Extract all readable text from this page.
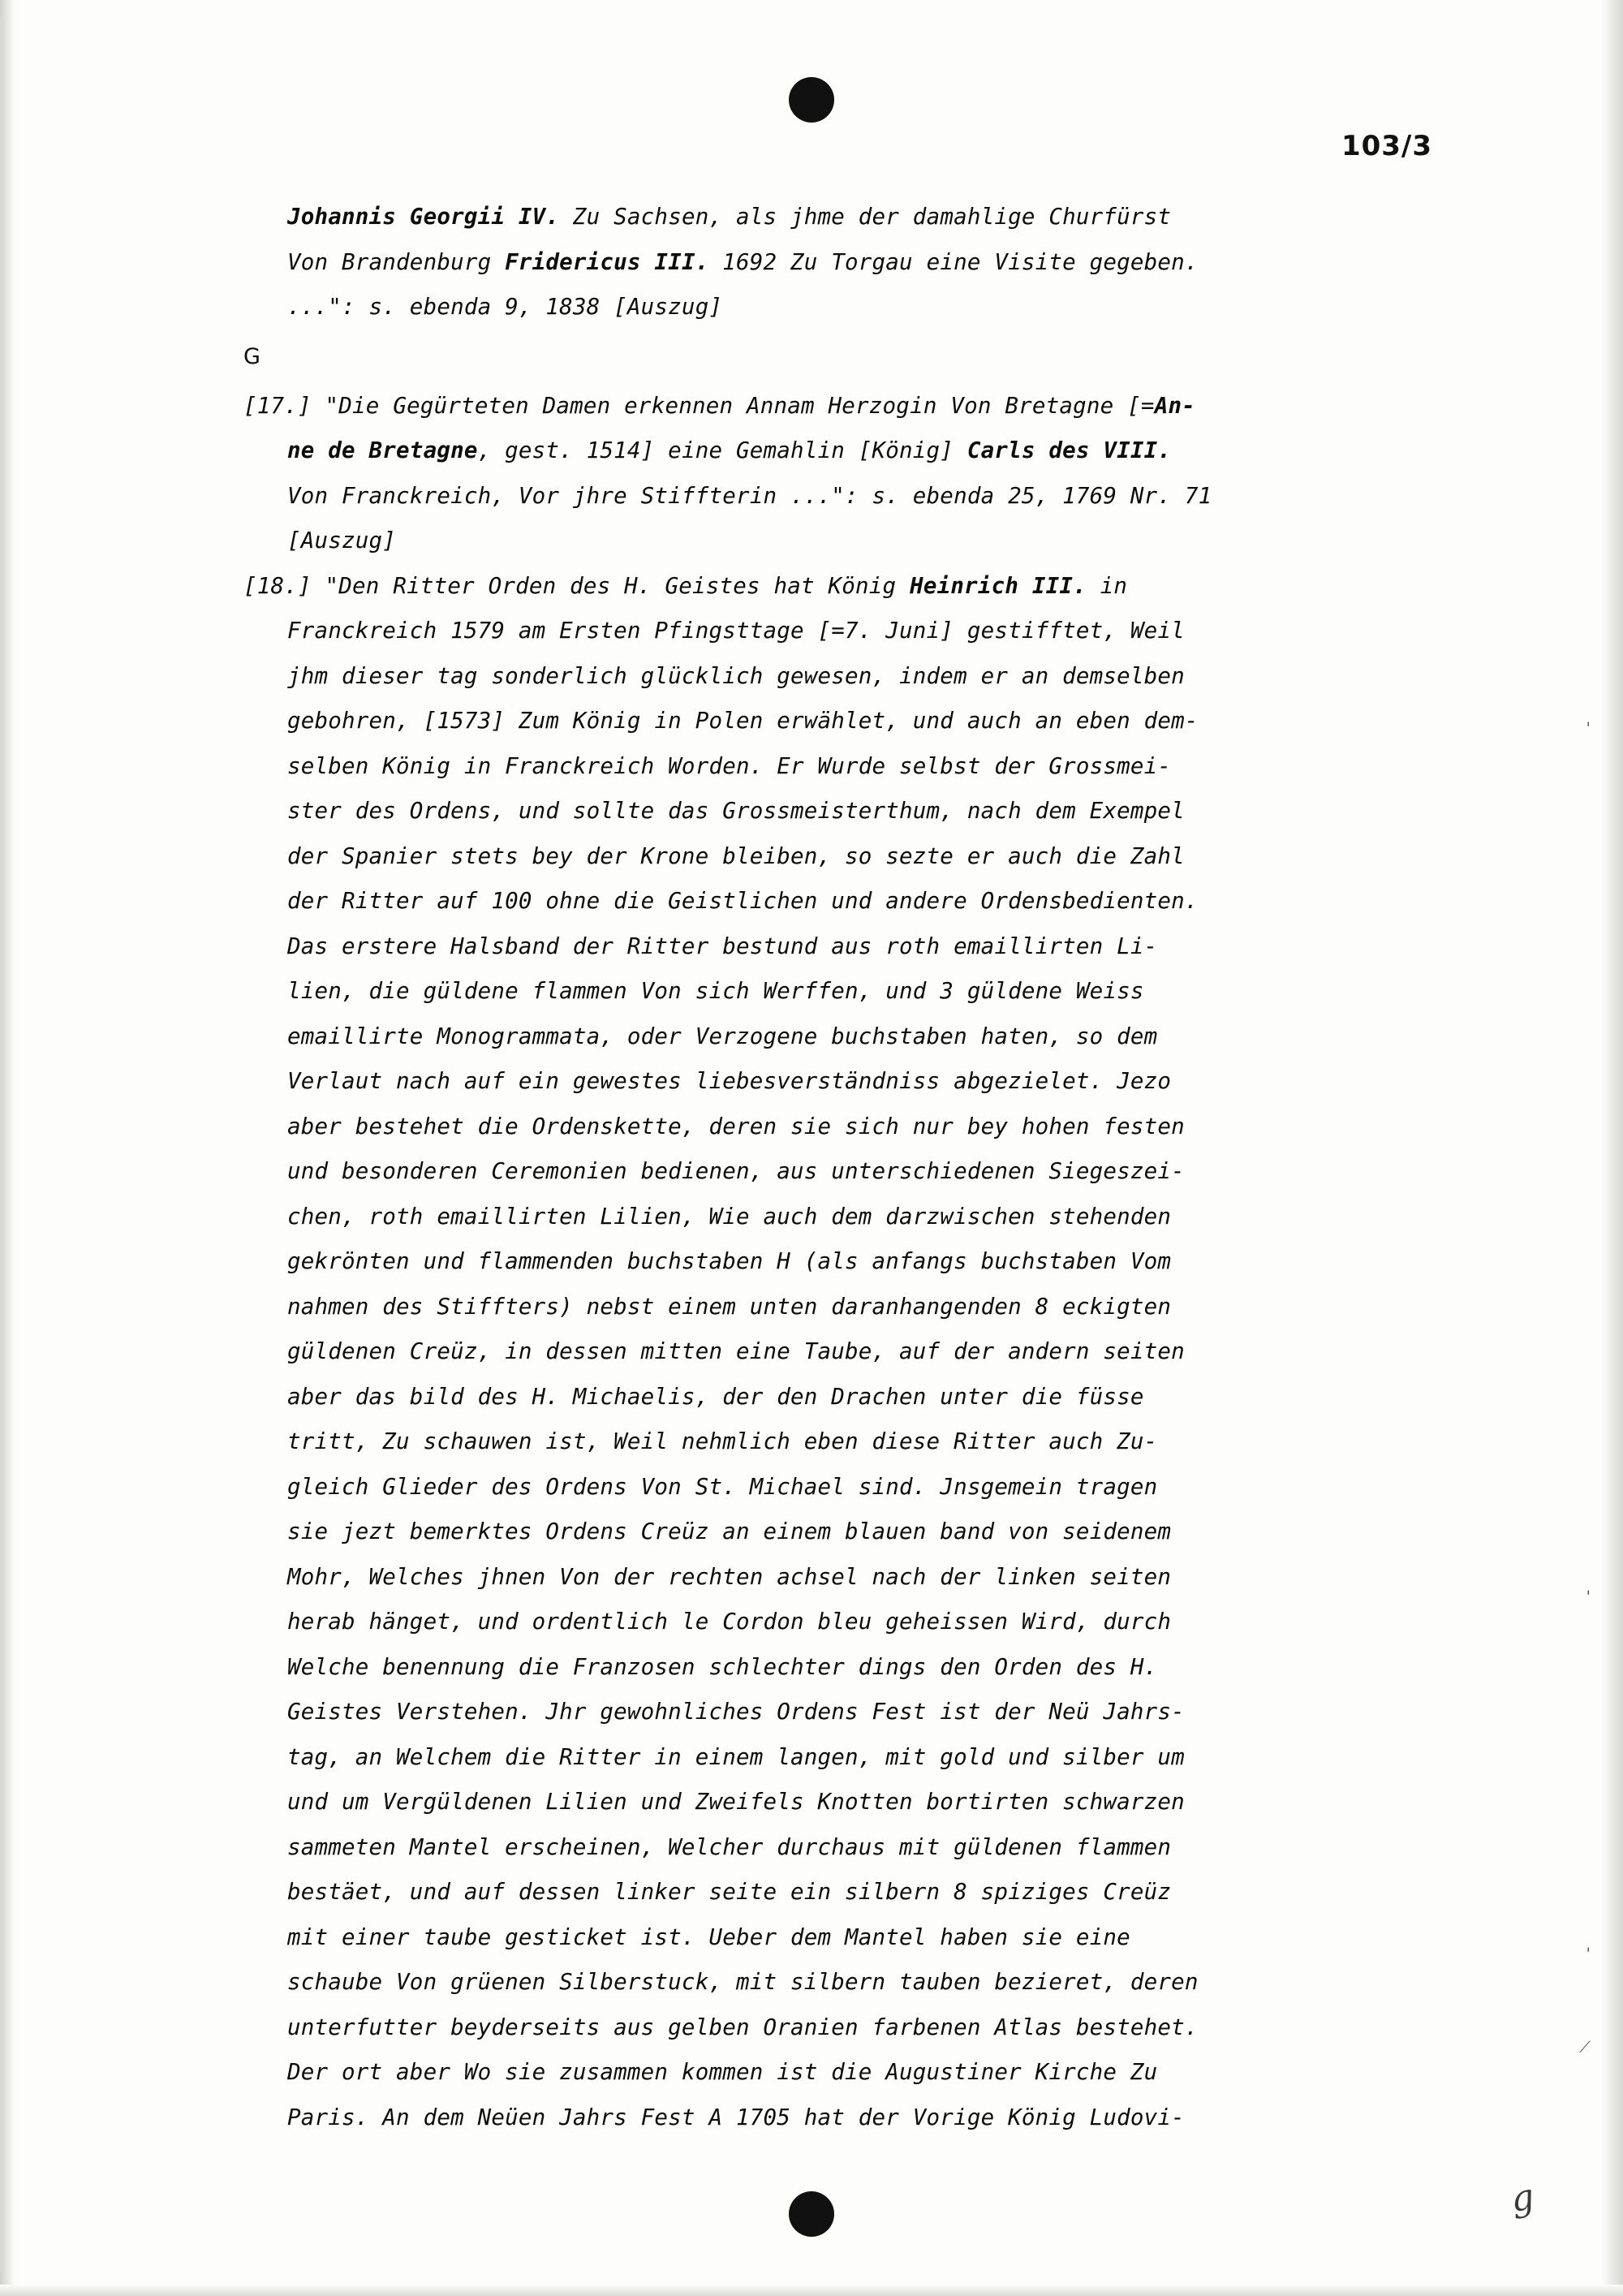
103/3
Johannis Georgii IV. Zu Sachsen, als jhme der damahlige Churfürst
Von Brandenburg Fridericus III. 1692 Zu Torgau eine Visite gegeben.
...": s. ebenda 9, 1838 [Auszug]
G
[17.] "Die Gegürteten Damen erkennen Annam Herzogin Von Bretagne [=An-
ne de Bretagne, gest. 1514] eine Gemahlin [König] Carls des VIII.
Von Franckreich, Vor jhre Stiffterin ...": s. ebenda 25, 1769 Nr. 71
[Auszug]
[18.] "Den Ritter Orden des H. Geistes hat König Heinrich III. in
Franckreich 1579 am Ersten Pfingsttage [=7. Juni] gestifftet, Weil
jhm dieser tag sonderlich glücklich gewesen, indem er an demselben
gebohren, [1573] Zum König in Polen erwählet, und auch an eben dem-
selben König in Franckreich Worden. Er Wurde selbst der Grossmei-
ster des Ordens, und sollte das Grossmeisterthum, nach dem Exempel
der Spanier stets bey der Krone bleiben, so sezte er auch die Zahl
der Ritter auf 100 ohne die Geistlichen und andere Ordensbedienten.
Das erstere Halsband der Ritter bestund aus roth emaillirten Li-
lien, die güldene flammen Von sich Werffen, und 3 güldene Weiss
emaillirte Monogrammata, oder Verzogene buchstaben haten, so dem
Verlaut nach auf ein gewestes liebesverständniss abgezielet. Jezo
aber bestehet die Ordenskette, deren sie sich nur bey hohen festen
und besonderen Ceremonien bedienen, aus unterschiedenen Siegeszei-
chen, roth emaillirten Lilien, Wie auch dem darzwischen stehenden
gekrönten und flammenden buchstaben H (als anfangs buchstaben Vom
nahmen des Stiffters) nebst einem unten daranhangenden 8 eckigten
güldenen Creüz, in dessen mitten eine Taube, auf der andern seiten
aber das bild des H. Michaelis, der den Drachen unter die füsse
tritt, Zu schauwen ist, Weil nehmlich eben diese Ritter auch Zu-
gleich Glieder des Ordens Von St. Michael sind. Jnsgemein tragen
sie jezt bemerktes Ordens Creüz an einem blauen band von seidenem
Mohr, Welches jhnen Von der rechten achsel nach der linken seiten
herab hänget, und ordentlich le Cordon bleu geheissen Wird, durch
Welche benennung die Franzosen schlechter dings den Orden des H.
Geistes Verstehen. Jhr gewohnliches Ordens Fest ist der Neü Jahrs-
tag, an Welchem die Ritter in einem langen, mit gold und silber um
und um Vergüldenen Lilien und Zweifels Knotten bortirten schwarzen
sammeten Mantel erscheinen, Welcher durchaus mit güldenen flammen
bestäet, und auf dessen linker seite ein silbern 8 spiziges Creüz
mit einer taube gesticket ist. Ueber dem Mantel haben sie eine
schaube Von grüenen Silberstuck, mit silbern tauben bezieret, deren
unterfutter beyderseits aus gelben Oranien farbenen Atlas bestehet.
Der ort aber Wo sie zusammen kommen ist die Augustiner Kirche Zu
Paris. An dem Neüen Jahrs Fest A 1705 hat der Vorige König Ludovi-
'
'
'
⟋
g
